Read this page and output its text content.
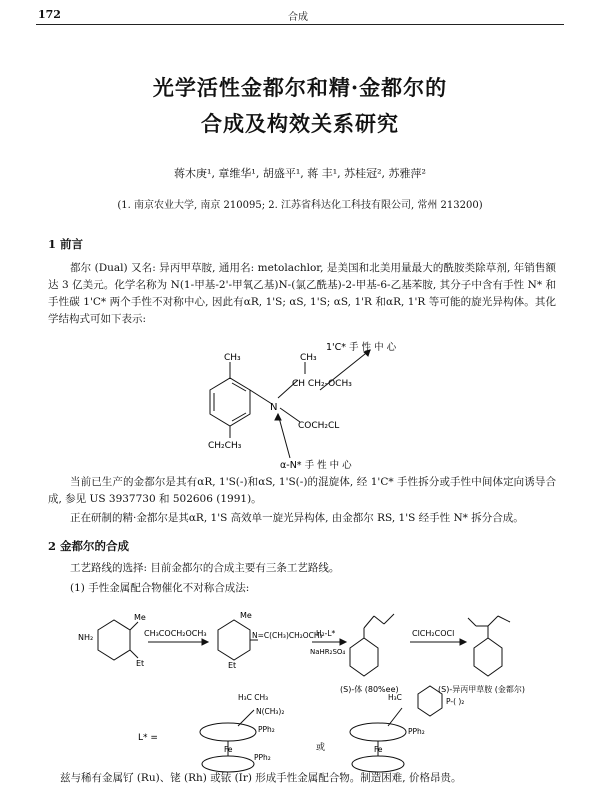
172	合成
光学活性金都尔和精·金都尔的
合成及构效关系研究
蒋木庚¹, 章维华¹, 胡盛平¹, 蒋 丰¹, 苏桂冠², 苏雅萍²
(1. 南京农业大学, 南京 210095; 2. 江苏省科达化工科技有限公司, 常州 213200)
1 前言
都尔 (Dual) 又名: 异丙甲草胺, 通用名: metolachlor, 是美国和北美用量最大的酰胺类除草剂, 年销售额达 3 亿美元。化学名称为 N(1-甲基-2'-甲氧乙基)N-(氯乙酰基)-2-甲基-6-乙基苯胺, 其分子中含有手性 N* 和手性碳 1'C* 两个手性不对称中心, 因此有αR, 1'S; αS, 1'S; αS, 1'R 和αR, 1'R 等可能的旋光异构体。其化学结构式可如下表示:
CH₃
N
CH₃
CH CH₂-OCH₃
COCH₂CL
CH₂CH₃
1'C* 手 性 中 心
α-N* 手 性 中 心
当前已生产的金都尔是其有αR, 1'S(-)和αS, 1'S(-)的混旋体, 经 1'C* 手性拆分或手性中间体定向诱导合成, 参见 US 3937730 和 502606 (1991)。
正在研制的精·金都尔是其αR, 1'S 高效单一旋光异构体, 由金都尔 RS, 1'S 经手性 N* 拆分合成。
2 金都尔的合成
工艺路线的选择: 目前金都尔的合成主要有三条工艺路线。
(1) 手性金属配合物催化不对称合成法:
Me
NH₂
Et
CH₃COCH₂OCH₃
Me
N=C(CH₃)CH₂OCH₃
Et
H₂-L*
NaHR₂SO₄
ClCH₂COCl
(S)-体 (80%ee)	(S)-异丙甲草胺 (金都尔)
L* =
H₃C CH₃
N(CH₃)₂
PPh₂
PPh₂
Fe	或
H₃C
PPh₂
P-( )₂
Fe
兹与稀有金属钌 (Ru)、铑 (Rh) 或铱 (Ir) 形成手性金属配合物。制造困难, 价格昂贵。
